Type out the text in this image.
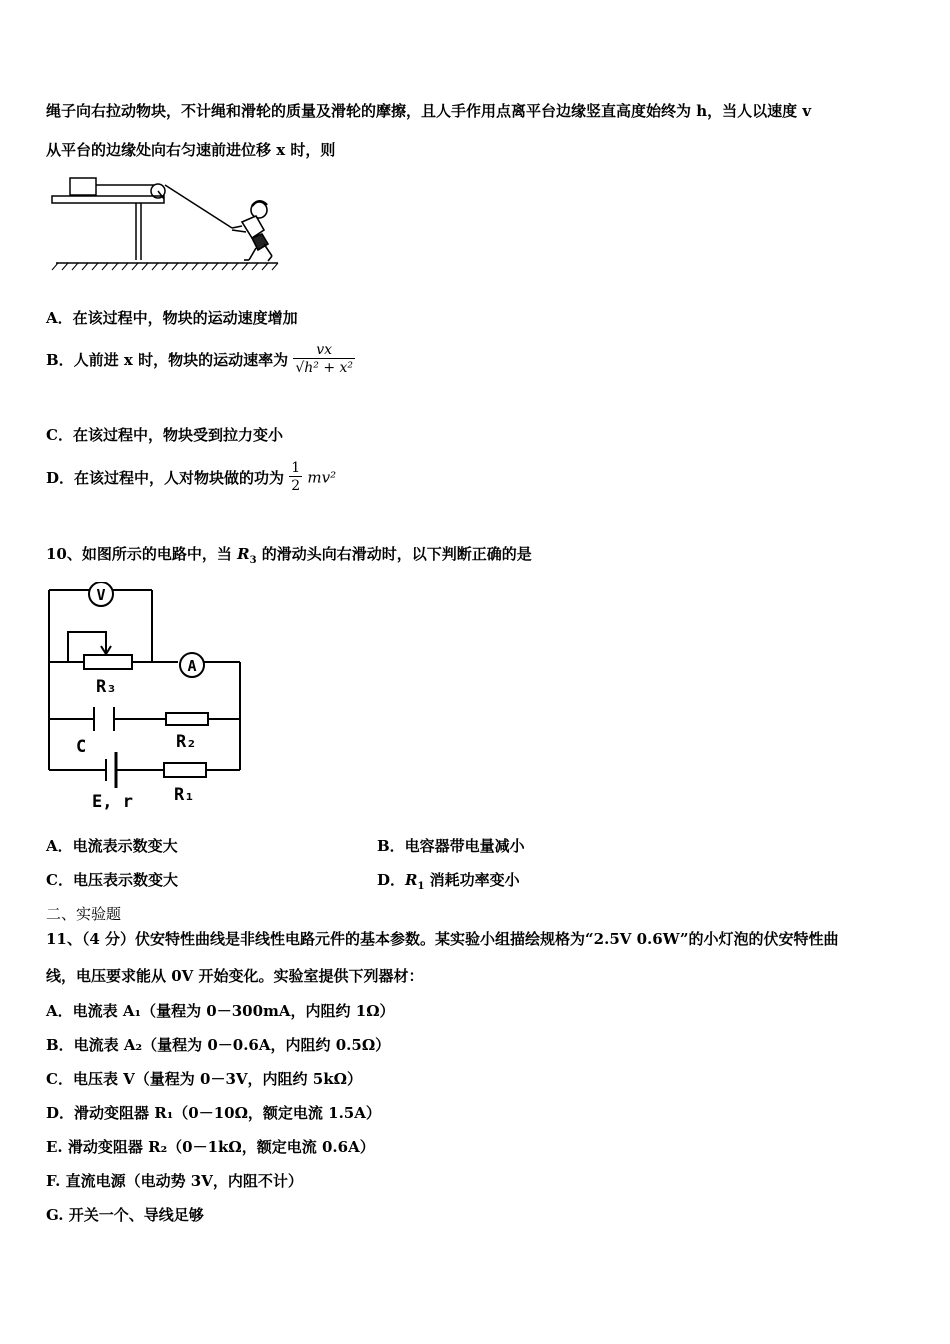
绳子向右拉动物块，不计绳和滑轮的质量及滑轮的摩擦，且人手作用点离平台边缘竖直高度始终为 h，当人以速度 v
从平台的边缘处向右匀速前进位移 x 时，则
A．在该过程中，物块的运动速度增加
B．人前进 x 时，物块的运动速率为 $\frac{vx}{\text{√h² + x²}}$
C．在该过程中，物块受到拉力变小
D．在该过程中，人对物块做的功为 $\frac{1}{2} mv^2$
10、如图所示的电路中，当 $R_3$ 的滑动头向右滑动时，以下判断正确的是
V
A
R₃
C	R₂
E, r R₁
A．电流表示数变大	B．电容器带电量减小
C．电压表示数变大	D．$R_1$ 消耗功率变小
二、实验题
11、（4 分）伏安特性曲线是非线性电路元件的基本参数。某实验小组描绘规格为“2.5V 0.6W”的小灯泡的伏安特性曲
线，电压要求能从 0V 开始变化。实验室提供下列器材：
A．电流表 A₁（量程为 0－300mA，内阻约 1Ω）
B．电流表 A₂（量程为 0－0.6A，内阻约 0.5Ω）
C．电压表 V（量程为 0－3V，内阻约 5kΩ）
D．滑动变阻器 R₁（0－10Ω，额定电流 1.5A）
E. 滑动变阻器 R₂（0－1kΩ，额定电流 0.6A）
F. 直流电源（电动势 3V，内阻不计）
G. 开关一个、导线足够
